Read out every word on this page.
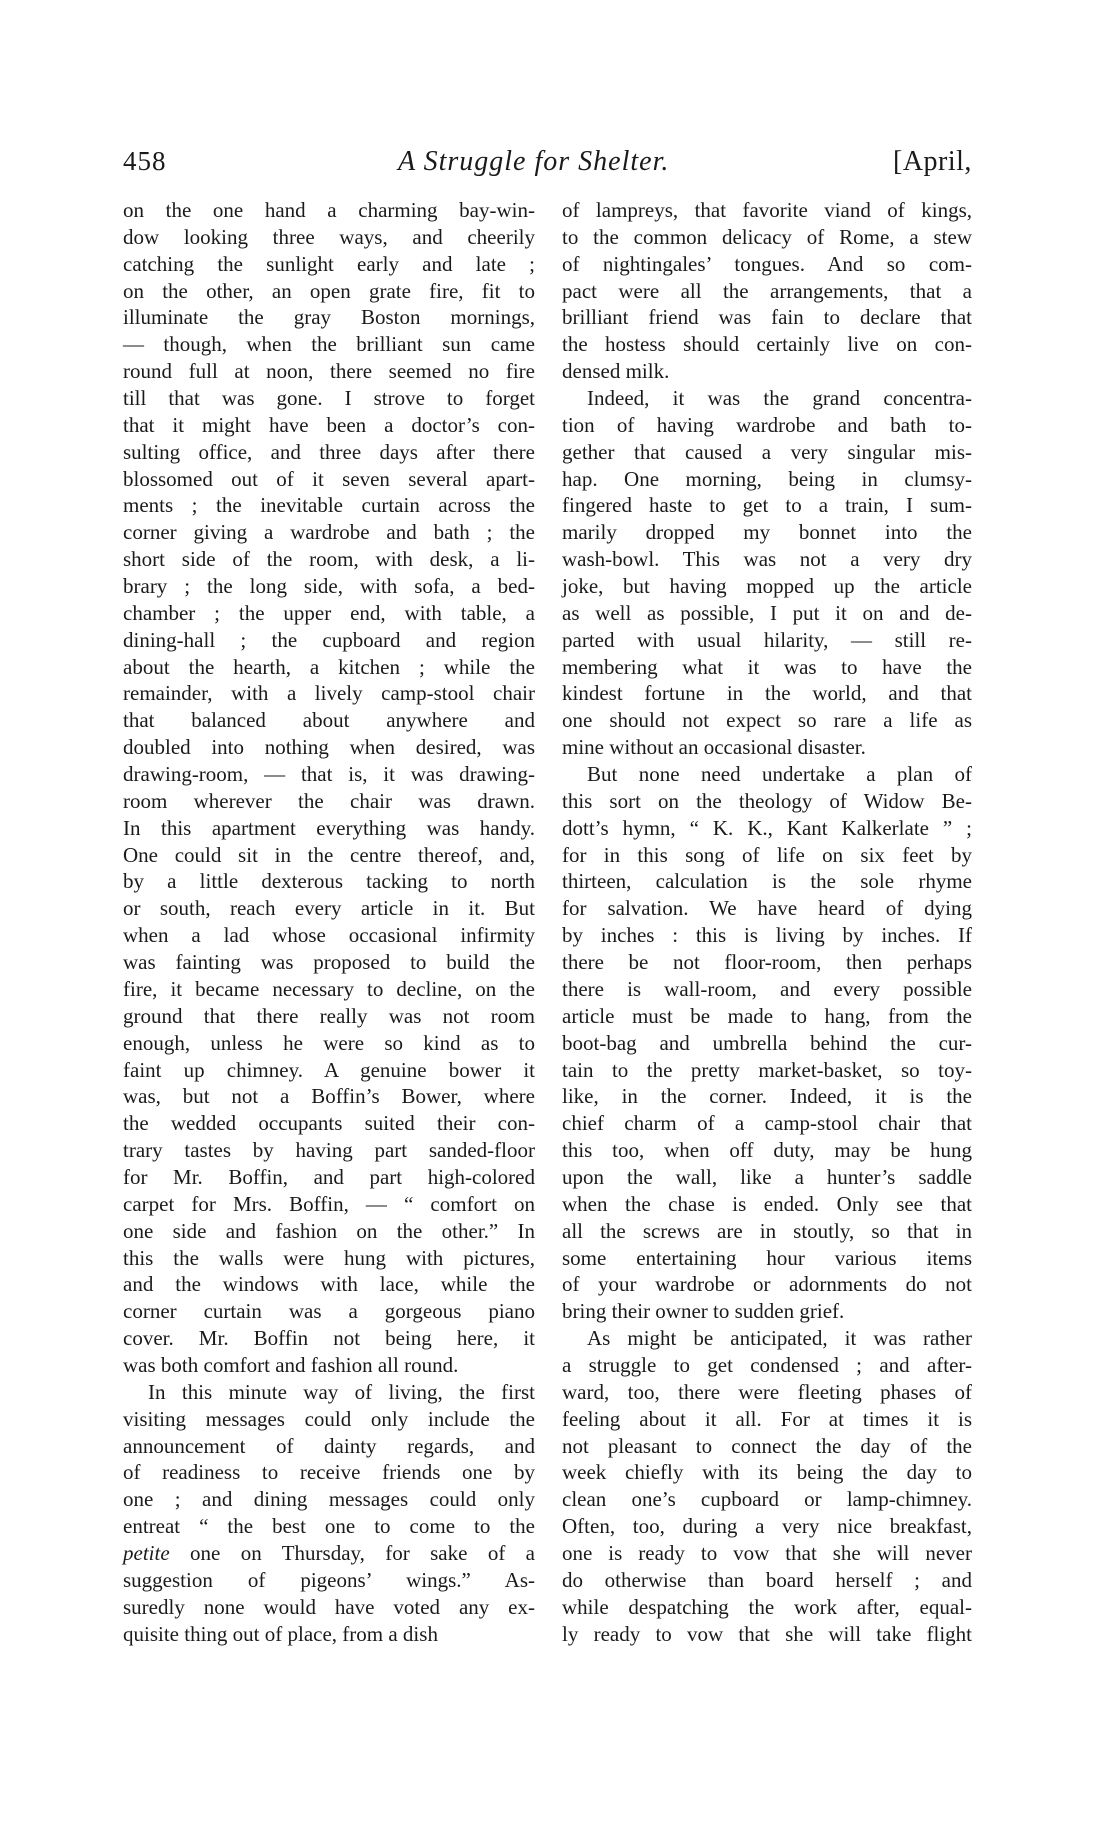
458	A Struggle for Shelter.	[April,
on the one hand a charming bay-win-
dow looking three ways, and cheerily
catching the sunlight early and late ;
on the other, an open grate fire, fit to
illuminate the gray Boston mornings,
— though, when the brilliant sun came
round full at noon, there seemed no fire
till that was gone. I strove to forget
that it might have been a doctor’s con-
sulting office, and three days after there
blossomed out of it seven several apart-
ments ; the inevitable curtain across the
corner giving a wardrobe and bath ; the
short side of the room, with desk, a li-
brary ; the long side, with sofa, a bed-
chamber ; the upper end, with table, a
dining-hall ; the cupboard and region
about the hearth, a kitchen ; while the
remainder, with a lively camp-stool chair
that balanced about anywhere and
doubled into nothing when desired, was
drawing-room, — that is, it was drawing-
room wherever the chair was drawn.
In this apartment everything was handy.
One could sit in the centre thereof, and,
by a little dexterous tacking to north
or south, reach every article in it. But
when a lad whose occasional infirmity
was fainting was proposed to build the
fire, it became necessary to decline, on the
ground that there really was not room
enough, unless he were so kind as to
faint up chimney. A genuine bower it
was, but not a Boffin’s Bower, where
the wedded occupants suited their con-
trary tastes by having part sanded-floor
for Mr. Boffin, and part high-colored
carpet for Mrs. Boffin, — “ comfort on
one side and fashion on the other.” In
this the walls were hung with pictures,
and the windows with lace, while the
corner curtain was a gorgeous piano
cover. Mr. Boffin not being here, it
was both comfort and fashion all round.
In this minute way of living, the first
visiting messages could only include the
announcement of dainty regards, and
of readiness to receive friends one by
one ; and dining messages could only
entreat “ the best one to come to the
petite one on Thursday, for sake of a
suggestion of pigeons’ wings.” As-
suredly none would have voted any ex-
quisite thing out of place, from a dish
of lampreys, that favorite viand of kings,
to the common delicacy of Rome, a stew
of nightingales’ tongues. And so com-
pact were all the arrangements, that a
brilliant friend was fain to declare that
the hostess should certainly live on con-
densed milk.
Indeed, it was the grand concentra-
tion of having wardrobe and bath to-
gether that caused a very singular mis-
hap. One morning, being in clumsy-
fingered haste to get to a train, I sum-
marily dropped my bonnet into the
wash-bowl. This was not a very dry
joke, but having mopped up the article
as well as possible, I put it on and de-
parted with usual hilarity, — still re-
membering what it was to have the
kindest fortune in the world, and that
one should not expect so rare a life as
mine without an occasional disaster.
But none need undertake a plan of
this sort on the theology of Widow Be-
dott’s hymn, “ K. K., Kant Kalkerlate ” ;
for in this song of life on six feet by
thirteen, calculation is the sole rhyme
for salvation. We have heard of dying
by inches : this is living by inches. If
there be not floor-room, then perhaps
there is wall-room, and every possible
article must be made to hang, from the
boot-bag and umbrella behind the cur-
tain to the pretty market-basket, so toy-
like, in the corner. Indeed, it is the
chief charm of a camp-stool chair that
this too, when off duty, may be hung
upon the wall, like a hunter’s saddle
when the chase is ended. Only see that
all the screws are in stoutly, so that in
some entertaining hour various items
of your wardrobe or adornments do not
bring their owner to sudden grief.
As might be anticipated, it was rather
a struggle to get condensed ; and after-
ward, too, there were fleeting phases of
feeling about it all. For at times it is
not pleasant to connect the day of the
week chiefly with its being the day to
clean one’s cupboard or lamp-chimney.
Often, too, during a very nice breakfast,
one is ready to vow that she will never
do otherwise than board herself ; and
while despatching the work after, equal-
ly ready to vow that she will take flight
